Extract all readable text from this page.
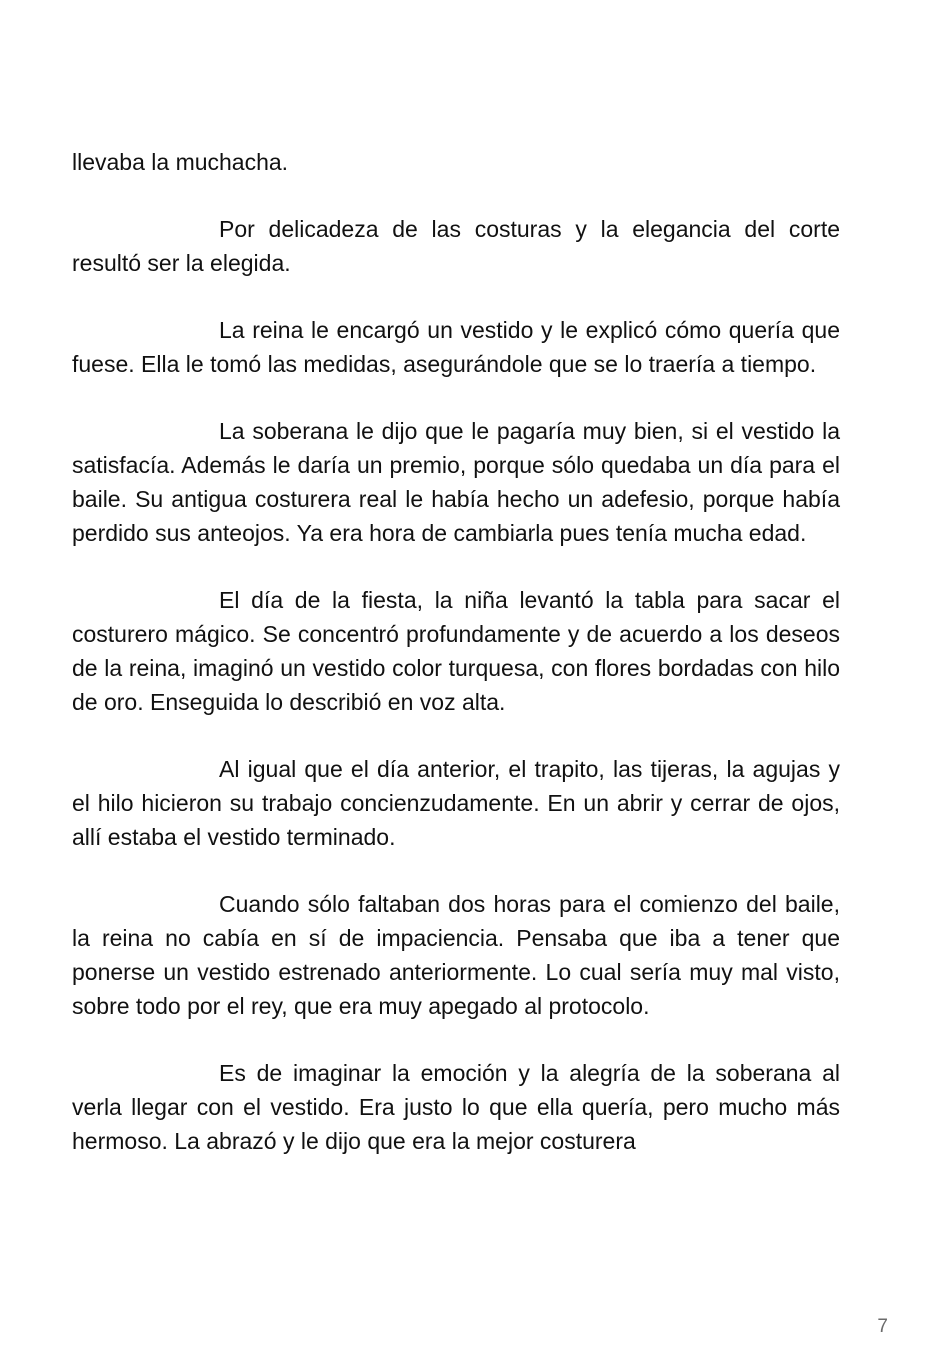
llevaba la muchacha.

Por delicadeza de las costuras y la elegancia del corte resultó ser la elegida.

La reina le encargó un vestido y le explicó cómo quería que fuese. Ella le tomó las medidas, asegurándole que se lo traería a tiempo.

La soberana le dijo que le pagaría muy bien, si el vestido la satisfacía. Además le daría un premio, porque sólo quedaba un día para el baile. Su antigua costurera real le había hecho un adefesio, porque había perdido sus anteojos. Ya era hora de cambiarla pues tenía mucha edad.

El día de la fiesta, la niña levantó la tabla para sacar el costurero mágico. Se concentró profundamente y de acuerdo a los deseos de la reina, imaginó un vestido color turquesa, con flores bordadas con hilo de oro. Enseguida lo describió en voz alta.

Al igual que el día anterior, el trapito, las tijeras, la agujas y el hilo hicieron su trabajo concienzudamente. En un abrir y cerrar de ojos, allí estaba el vestido terminado.

Cuando sólo faltaban dos horas para el comienzo del baile, la reina no cabía en sí de impaciencia. Pensaba que iba a tener que ponerse un vestido estrenado anteriormente. Lo cual sería muy mal visto, sobre todo por el rey, que era muy apegado al protocolo.

Es de imaginar la emoción y la alegría de la soberana al verla llegar con el vestido. Era justo lo que ella quería, pero mucho más hermoso. La abrazó y le dijo que era la mejor costurera

7
